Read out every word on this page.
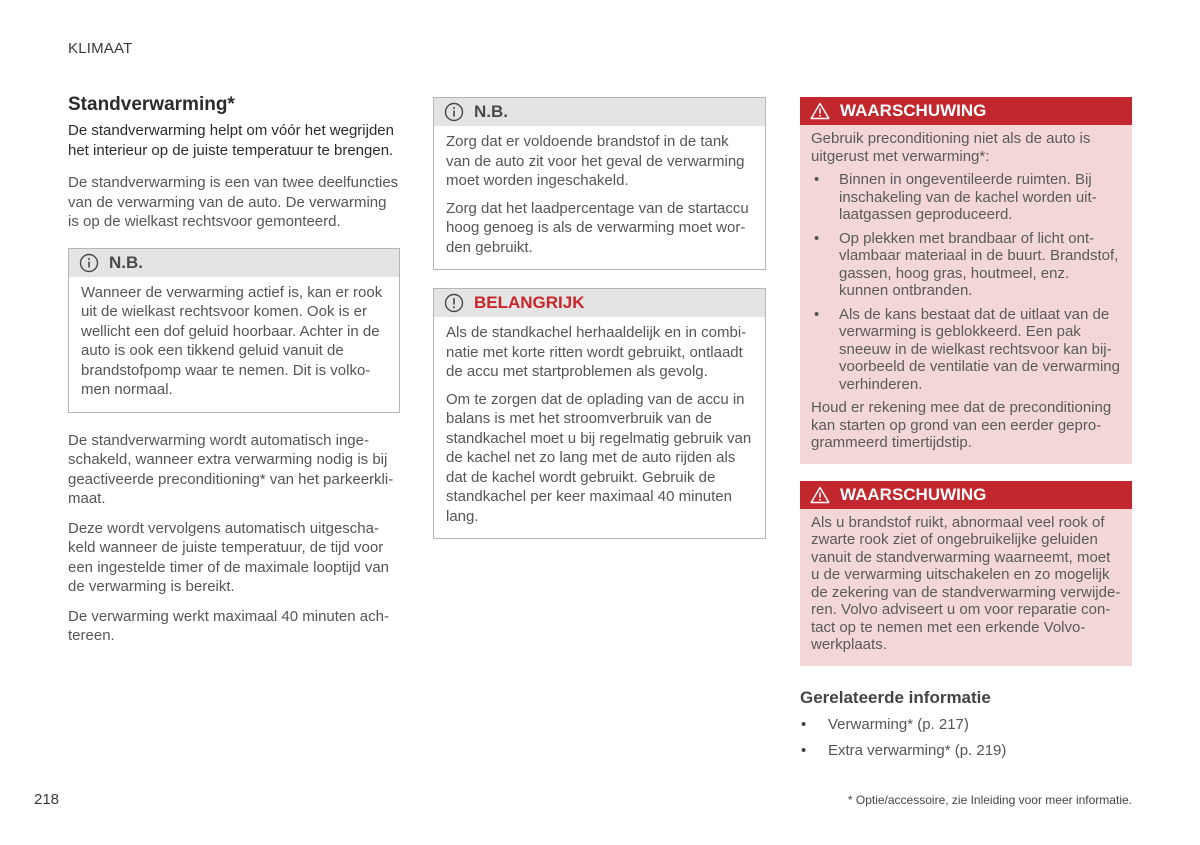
KLIMAAT
Standverwarming*
De standverwarming helpt om vóór het wegrijden het interieur op de juiste temperatuur te brengen.
De standverwarming is een van twee deelfuncties van de verwarming van de auto. De verwarming is op de wielkast rechtsvoor gemonteerd.
N.B.
Wanneer de verwarming actief is, kan er rook uit de wielkast rechtsvoor komen. Ook is er wellicht een dof geluid hoorbaar. Achter in de auto is ook een tikkend geluid vanuit de brandstofpomp waar te nemen. Dit is volkomen normaal.
De standverwarming wordt automatisch ingeschakeld, wanneer extra verwarming nodig is bij geactiveerde preconditioning* van het parkeerklimaat.
Deze wordt vervolgens automatisch uitgeschakeld wanneer de juiste temperatuur, de tijd voor een ingestelde timer of de maximale looptijd van de verwarming is bereikt.
De verwarming werkt maximaal 40 minuten achtereen.
N.B.
Zorg dat er voldoende brandstof in de tank van de auto zit voor het geval de verwarming moet worden ingeschakeld.
Zorg dat het laadpercentage van de startaccu hoog genoeg is als de verwarming moet worden gebruikt.
BELANGRIJK
Als de standkachel herhaaldelijk en in combinatie met korte ritten wordt gebruikt, ontlaadt de accu met startproblemen als gevolg.
Om te zorgen dat de oplading van de accu in balans is met het stroomverbruik van de standkachel moet u bij regelmatig gebruik van de kachel net zo lang met de auto rijden als dat de kachel wordt gebruikt. Gebruik de standkachel per keer maximaal 40 minuten lang.
WAARSCHUWING
Gebruik preconditioning niet als de auto is uitgerust met verwarming*:
• Binnen in ongeventileerde ruimten. Bij inschakeling van de kachel worden uitlaatgassen geproduceerd.
• Op plekken met brandbaar of licht ontvlambaar materiaal in de buurt. Brandstof, gassen, hoog gras, houtmeel, enz. kunnen ontbranden.
• Als de kans bestaat dat de uitlaat van de verwarming is geblokkeerd. Een pak sneeuw in de wielkast rechtsvoor kan bijvoorbeeld de ventilatie van de verwarming verhinderen.
Houd er rekening mee dat de preconditioning kan starten op grond van een eerder geprogrammeerd timertijdstip.
WAARSCHUWING
Als u brandstof ruikt, abnormaal veel rook of zwarte rook ziet of ongebruikelijke geluiden vanuit de standverwarming waarneemt, moet u de verwarming uitschakelen en zo mogelijk de zekering van de standverwarming verwijderen. Volvo adviseert u om voor reparatie contact op te nemen met een erkende Volvowerkplaats.
Gerelateerde informatie
• Verwarming* (p. 217)
• Extra verwarming* (p. 219)
218	* Optie/accessoire, zie Inleiding voor meer informatie.
